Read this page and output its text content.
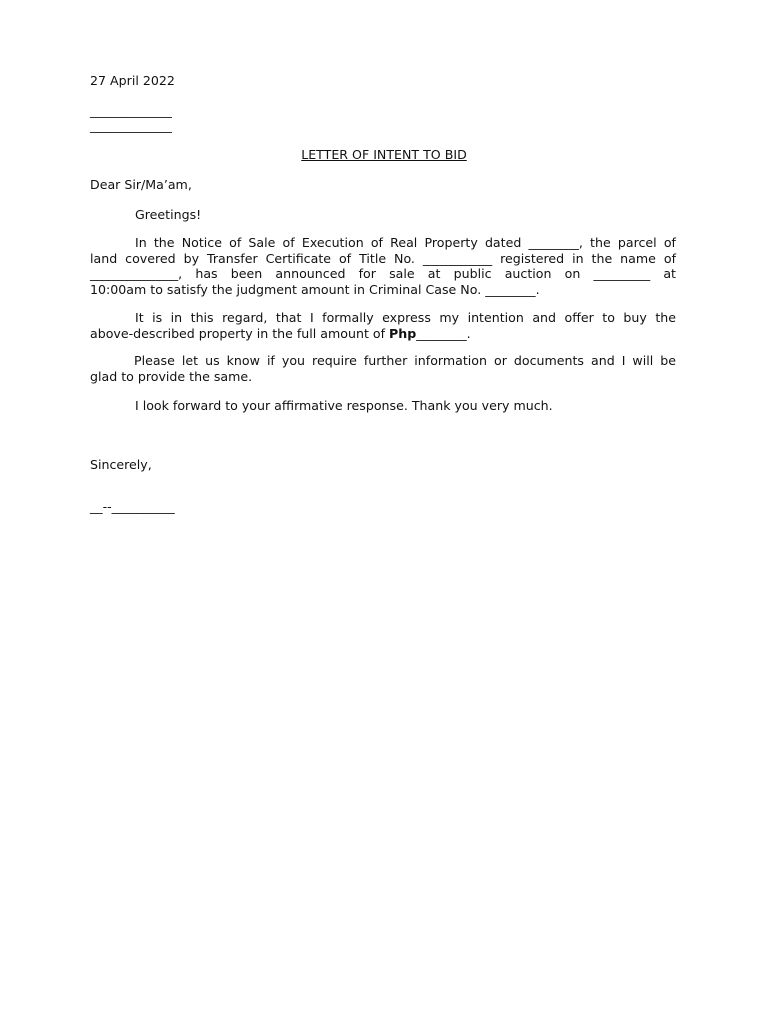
27 April 2022
_____________
_____________
LETTER OF INTENT TO BID
Dear Sir/Ma’am,
Greetings!
In the Notice of Sale of Execution of Real Property dated ________, the parcel of
land covered by Transfer Certificate of Title No. ___________ registered in the name of
______________, has been announced for sale at public auction on _________ at
10:00am to satisfy the judgment amount in Criminal Case No. ________.
It is in this regard, that I formally express my intention and offer to buy the
above-described property in the full amount of Php________.
Please let us know if you require further information or documents and I will be
glad to provide the same.
I look forward to your affirmative response. Thank you very much.
Sincerely,
__--__________
